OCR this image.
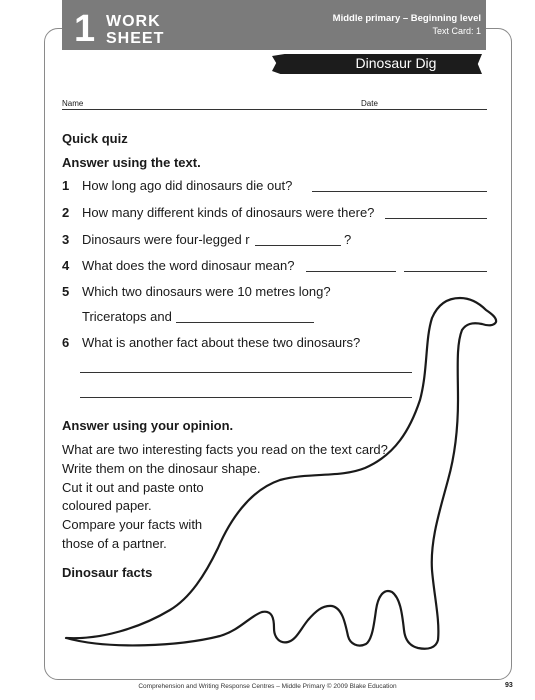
1 WORK
SHEET
Middle primary – Beginning level
Text Card: 1
Dinosaur Dig
Name	Date
Quick quiz
Answer using the text.
1 How long ago did dinosaurs die out?
2 How many different kinds of dinosaurs were there?
3 Dinosaurs were four-legged r	?
4 What does the word dinosaur mean?
5 Which two dinosaurs were 10 metres long?
Triceratops and
6 What is another fact about these two dinosaurs?
Answer using your opinion.
What are two interesting facts you read on the text card?
Write them on the dinosaur shape.
Cut it out and paste onto
coloured paper.
Compare your facts with
those of a partner.
Dinosaur facts
Comprehension and Writing Response Centres – Middle Primary © 2009 Blake Education	93
